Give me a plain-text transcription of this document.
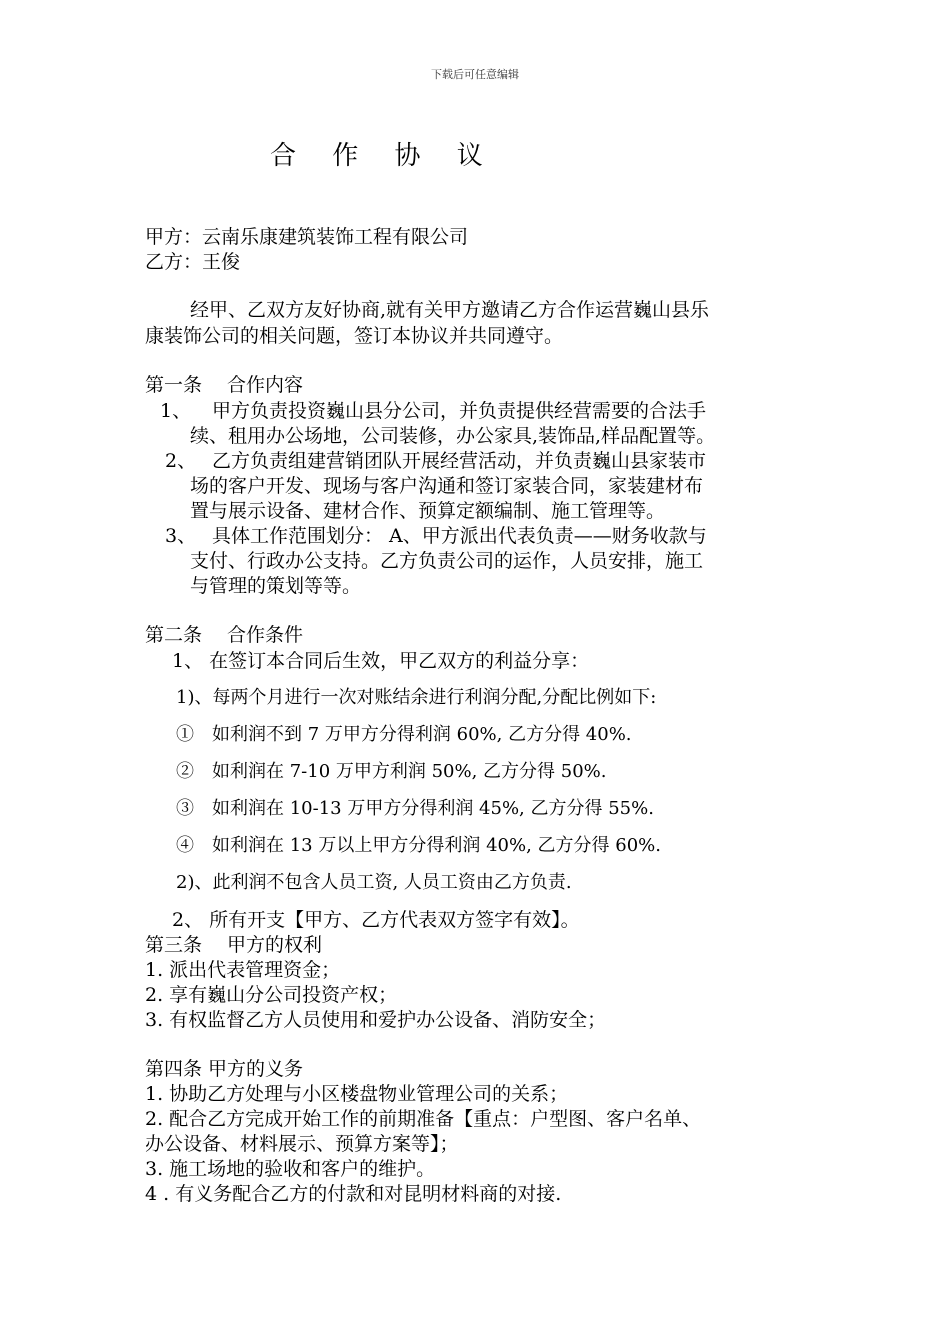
下载后可任意编辑
合 作 协 议
甲方：云南乐康建筑装饰工程有限公司
乙方：王俊
经甲、乙双方友好协商,就有关甲方邀请乙方合作运营巍山县乐
康装饰公司的相关问题，签订本协议并共同遵守。
第一条　 合作内容
1、	甲方负责投资巍山县分公司，并负责提供经营需要的合法手
续、租用办公场地，公司装修，办公家具,装饰品,样品配置等。
2、 乙方负责组建营销团队开展经营活动，并负责巍山县家装市
场的客户开发、现场与客户沟通和签订家装合同，家装建材布
置与展示设备、建材合作、预算定额编制、施工管理等。
3、 具体工作范围划分： A、甲方派出代表负责——财务收款与
支付、行政办公支持。乙方负责公司的运作，人员安排，施工
与管理的策划等等。
第二条　 合作条件
1、 在签订本合同后生效，甲乙双方的利益分享：
1)、每两个月进行一次对账结余进行利润分配,分配比例如下:
①　如利润不到 7 万甲方分得利润 60%, 乙方分得 40%.
②　如利润在 7-10 万甲方利润 50%, 乙方分得 50%.
③　如利润在 10-13 万甲方分得利润 45%, 乙方分得 55%.
④　如利润在 13 万以上甲方分得利润 40%, 乙方分得 60%.
2)、此利润不包含人员工资, 人员工资由乙方负责.
2、 所有开支【甲方、乙方代表双方签字有效】。
第三条　 甲方的权利
1. 派出代表管理资金；
2. 享有巍山分公司投资产权；
3. 有权监督乙方人员使用和爱护办公设备、消防安全；
第四条 甲方的义务
1. 协助乙方处理与小区楼盘物业管理公司的关系；
2. 配合乙方完成开始工作的前期准备【重点：户型图、客户名单、
办公设备、材料展示、预算方案等】；
3. 施工场地的验收和客户的维护。
4 . 有义务配合乙方的付款和对昆明材料商的对接.
